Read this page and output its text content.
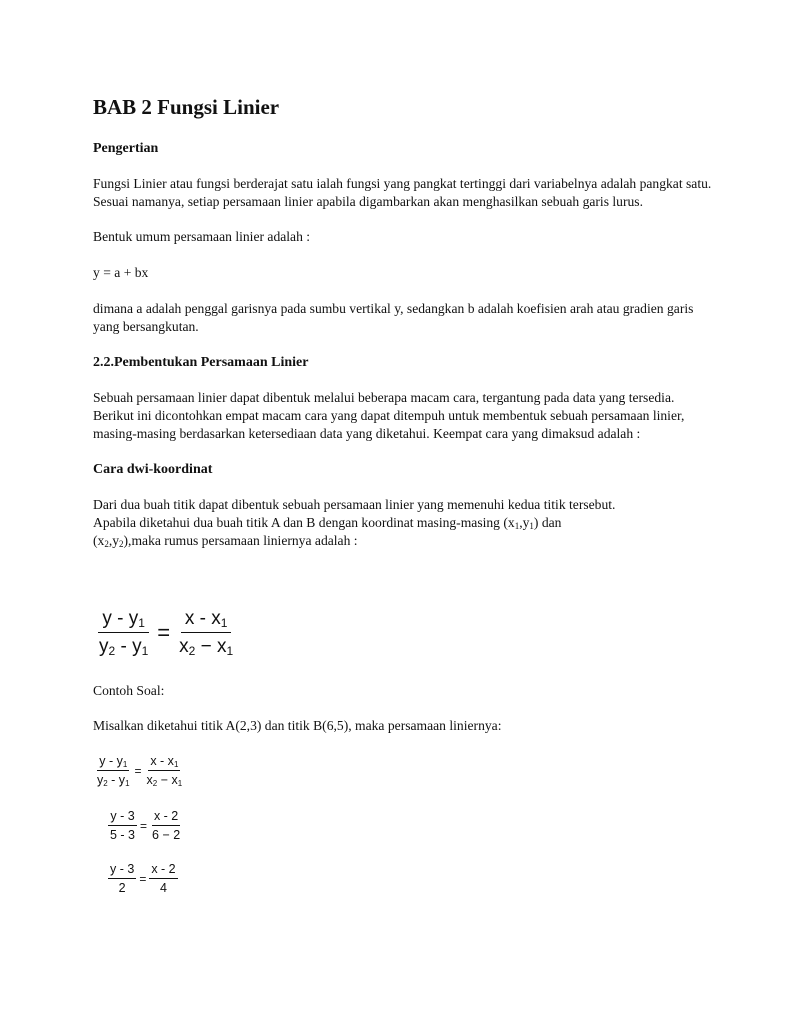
BAB 2 Fungsi Linier
Pengertian

Fungsi Linier atau fungsi berderajat satu ialah fungsi yang pangkat tertinggi dari variabelnya adalah pangkat satu. Sesuai namanya, setiap persamaan linier apabila digambarkan akan menghasilkan sebuah garis lurus.

Bentuk umum persamaan linier adalah :

y = a + bx

dimana a adalah penggal garisnya pada sumbu vertikal y, sedangkan b adalah koefisien arah atau gradien garis yang bersangkutan.

2.2.Pembentukan Persamaan Linier

Sebuah persamaan linier dapat dibentuk melalui beberapa macam cara, tergantung pada data yang tersedia. Berikut ini dicontohkan empat macam cara yang dapat ditempuh untuk membentuk sebuah persamaan linier, masing-masing berdasarkan ketersediaan data yang diketahui. Keempat cara yang dimaksud adalah :

Cara dwi-koordinat

Dari dua buah titik dapat dibentuk sebuah persamaan linier yang memenuhi kedua titik tersebut.
Apabila diketahui dua buah titik A dan B dengan koordinat masing-masing $(x_1,y_1)$ dan
$(x_2,y_2),maka$ rumus persamaan liniernya adalah :

$\frac{y - y_1}{y_2 - y_1} = \frac{x - x_1}{x_2 - x_1}$

Contoh Soal:

Misalkan diketahui titik A(2,3) dan titik B(6,5), maka persamaan liniernya:

$\frac{y - y_1}{y_2 - y_1} = \frac{x - x_1}{x_2 - x_1}$
$\frac{y - 3}{5 - 3} = \frac{x - 2}{6 - 2}$
$\frac{y - 3}{2} = \frac{x - 2}{4}$
